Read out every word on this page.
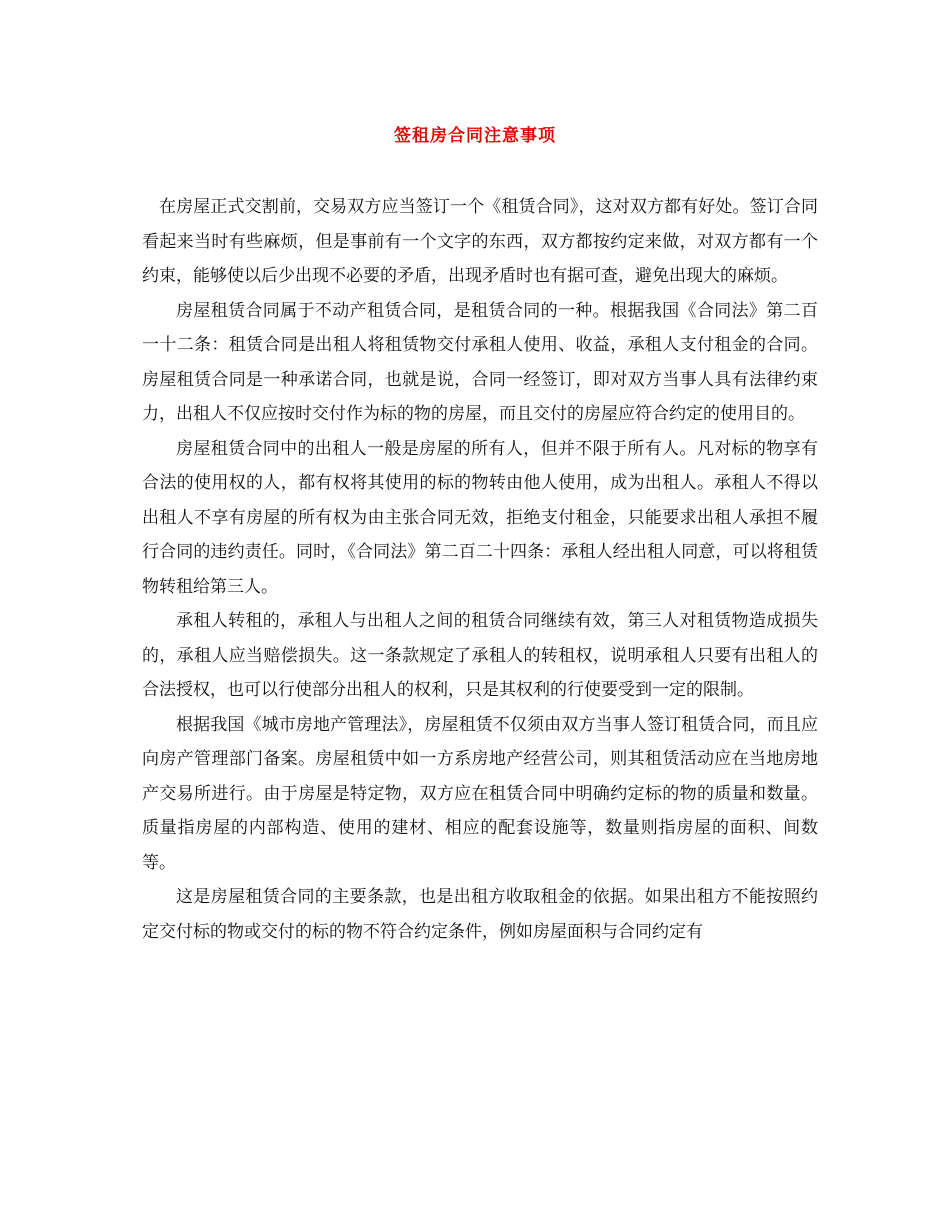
签租房合同注意事项

在房屋正式交割前，交易双方应当签订一个《租赁合同》，这对双方都有好处。签订合同看起来当时有些麻烦，但是事前有一个文字的东西，双方都按约定来做，对双方都有一个约束，能够使以后少出现不必要的矛盾，出现矛盾时也有据可查，避免出现大的麻烦。

房屋租赁合同属于不动产租赁合同，是租赁合同的一种。根据我国《合同法》第二百一十二条：租赁合同是出租人将租赁物交付承租人使用、收益，承租人支付租金的合同。房屋租赁合同是一种承诺合同，也就是说，合同一经签订，即对双方当事人具有法律约束力，出租人不仅应按时交付作为标的物的房屋，而且交付的房屋应符合约定的使用目的。

房屋租赁合同中的出租人一般是房屋的所有人，但并不限于所有人。凡对标的物享有合法的使用权的人，都有权将其使用的标的物转由他人使用，成为出租人。承租人不得以出租人不享有房屋的所有权为由主张合同无效，拒绝支付租金，只能要求出租人承担不履行合同的违约责任。同时，《合同法》第二百二十四条：承租人经出租人同意，可以将租赁物转租给第三人。

承租人转租的，承租人与出租人之间的租赁合同继续有效，第三人对租赁物造成损失的，承租人应当赔偿损失。这一条款规定了承租人的转租权，说明承租人只要有出租人的合法授权，也可以行使部分出租人的权利，只是其权利的行使要受到一定的限制。

根据我国《城市房地产管理法》，房屋租赁不仅须由双方当事人签订租赁合同，而且应向房产管理部门备案。房屋租赁中如一方系房地产经营公司，则其租赁活动应在当地房地产交易所进行。由于房屋是特定物，双方应在租赁合同中明确约定标的物的质量和数量。质量指房屋的内部构造、使用的建材、相应的配套设施等，数量则指房屋的面积、间数等。

这是房屋租赁合同的主要条款，也是出租方收取租金的依据。如果出租方不能按照约定交付标的物或交付的标的物不符合约定条件，例如房屋面积与合同约定有
